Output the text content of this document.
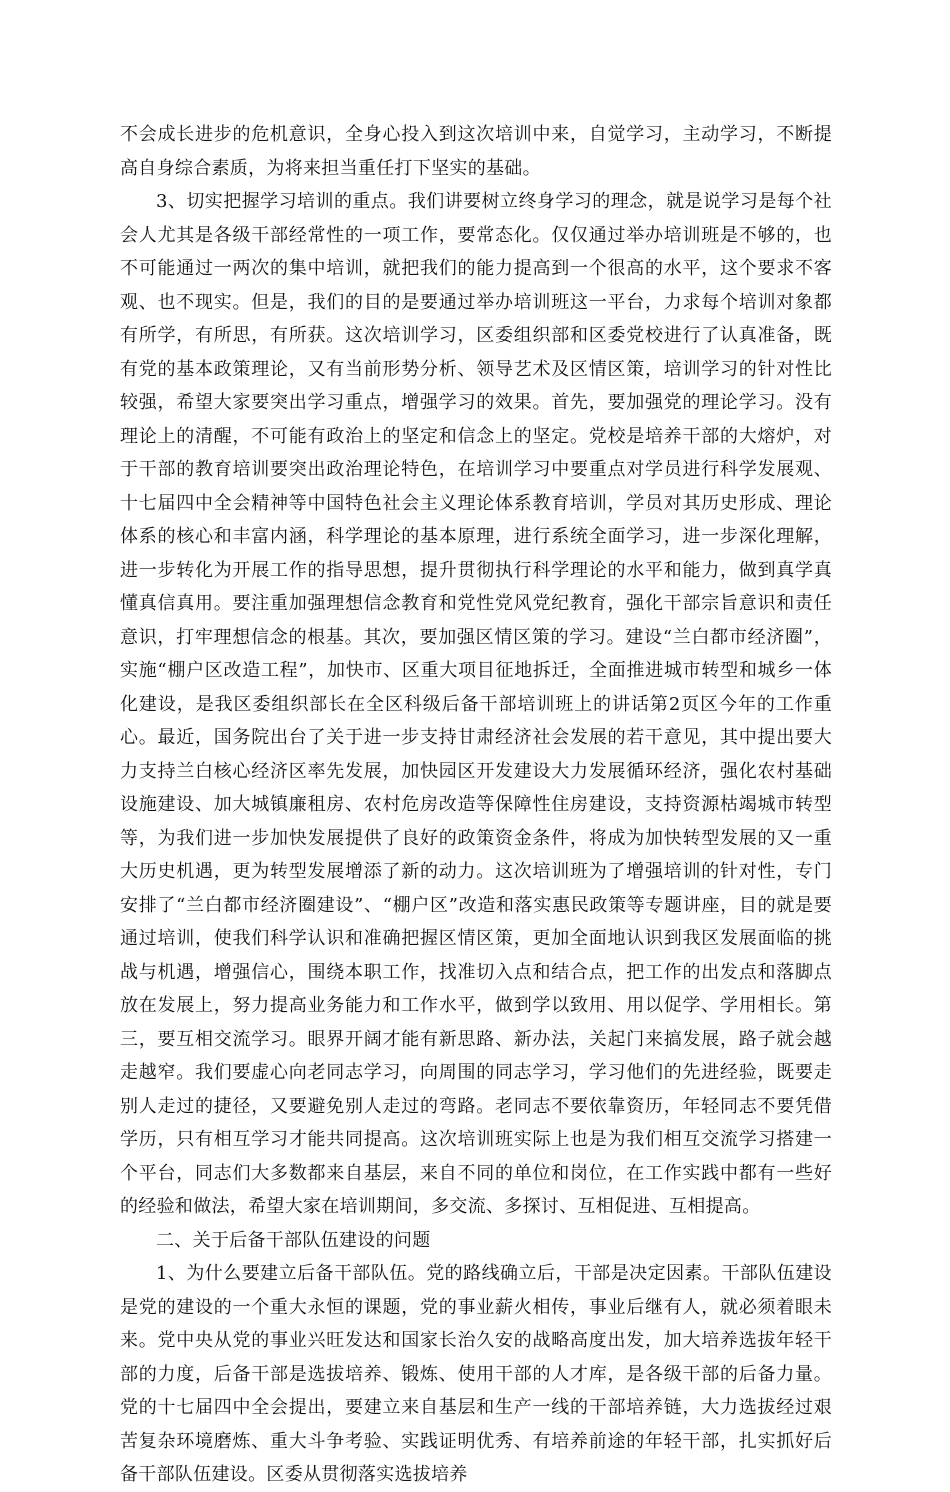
不会成长进步的危机意识，全身心投入到这次培训中来，自觉学习，主动学习，不断提高自身综合素质，为将来担当重任打下坚实的基础。

3、切实把握学习培训的重点。我们讲要树立终身学习的理念，就是说学习是每个社会人尤其是各级干部经常性的一项工作，要常态化。仅仅通过举办培训班是不够的，也不可能通过一两次的集中培训，就把我们的能力提高到一个很高的水平，这个要求不客观、也不现实。但是，我们的目的是要通过举办培训班这一平台，力求每个培训对象都有所学，有所思，有所获。这次培训学习，区委组织部和区委党校进行了认真准备，既有党的基本政策理论，又有当前形势分析、领导艺术及区情区策，培训学习的针对性比较强，希望大家要突出学习重点，增强学习的效果。首先，要加强党的理论学习。没有理论上的清醒，不可能有政治上的坚定和信念上的坚定。党校是培养干部的大熔炉，对于干部的教育培训要突出政治理论特色，在培训学习中要重点对学员进行科学发展观、十七届四中全会精神等中国特色社会主义理论体系教育培训，学员对其历史形成、理论体系的核心和丰富内涵，科学理论的基本原理，进行系统全面学习，进一步深化理解，进一步转化为开展工作的指导思想，提升贯彻执行科学理论的水平和能力，做到真学真懂真信真用。要注重加强理想信念教育和党性党风党纪教育，强化干部宗旨意识和责任意识，打牢理想信念的根基。其次，要加强区情区策的学习。建设“兰白都市经济圈”，实施“棚户区改造工程”，加快市、区重大项目征地拆迁，全面推进城市转型和城乡一体化建设，是我区委组织部长在全区科级后备干部培训班上的讲话第2页区今年的工作重心。最近，国务院出台了关于进一步支持甘肃经济社会发展的若干意见，其中提出要大力支持兰白核心经济区率先发展，加快园区开发建设大力发展循环经济，强化农村基础设施建设、加大城镇廉租房、农村危房改造等保障性住房建设，支持资源枯竭城市转型等，为我们进一步加快发展提供了良好的政策资金条件，将成为加快转型发展的又一重大历史机遇，更为转型发展增添了新的动力。这次培训班为了增强培训的针对性，专门安排了“兰白都市经济圈建设”、“棚户区”改造和落实惠民政策等专题讲座，目的就是要通过培训，使我们科学认识和准确把握区情区策，更加全面地认识到我区发展面临的挑战与机遇，增强信心，围绕本职工作，找准切入点和结合点，把工作的出发点和落脚点放在发展上，努力提高业务能力和工作水平，做到学以致用、用以促学、学用相长。第三，要互相交流学习。眼界开阔才能有新思路、新办法，关起门来搞发展，路子就会越走越窄。我们要虚心向老同志学习，向周围的同志学习，学习他们的先进经验，既要走别人走过的捷径，又要避免别人走过的弯路。老同志不要依靠资历，年轻同志不要凭借学历，只有相互学习才能共同提高。这次培训班实际上也是为我们相互交流学习搭建一个平台，同志们大多数都来自基层，来自不同的单位和岗位，在工作实践中都有一些好的经验和做法，希望大家在培训期间，多交流、多探讨、互相促进、互相提高。

二、关于后备干部队伍建设的问题

1、为什么要建立后备干部队伍。党的路线确立后，干部是决定因素。干部队伍建设是党的建设的一个重大永恒的课题，党的事业薪火相传，事业后继有人，就必须着眼未来。党中央从党的事业兴旺发达和国家长治久安的战略高度出发，加大培养选拔年轻干部的力度，后备干部是选拔培养、锻炼、使用干部的人才库，是各级干部的后备力量。党的十七届四中全会提出，要建立来自基层和生产一线的干部培养链，大力选拔经过艰苦复杂环境磨炼、重大斗争考验、实践证明优秀、有培养前途的年轻干部，扎实抓好后备干部队伍建设。区委从贯彻落实选拔培养
